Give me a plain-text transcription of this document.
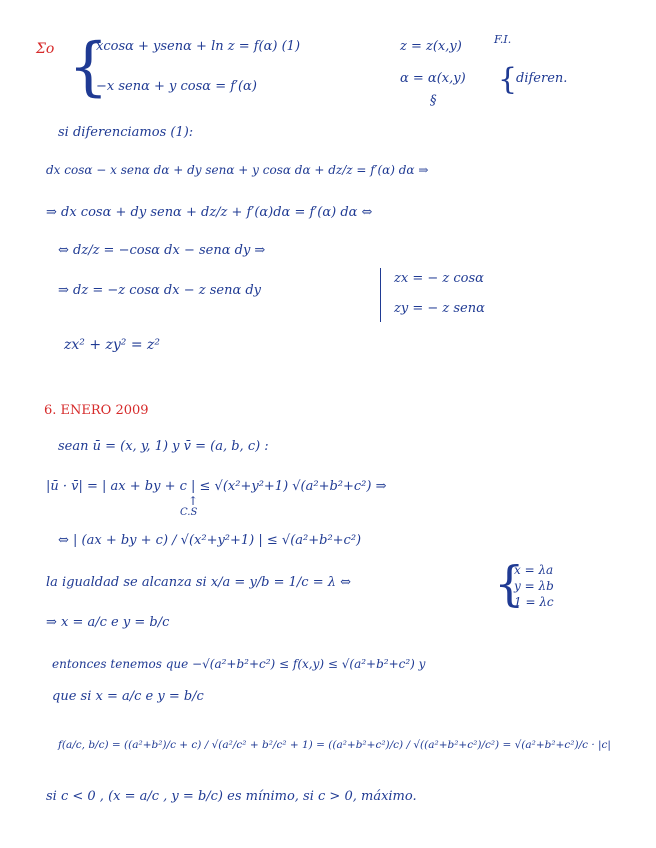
Σo {
xcosα + ysenα + ln z = f(α) (1)
−x senα + y cosα = f′(α)
z = z(x,y)	F.I.
α = α(x,y) {
diferen.
§
si diferenciamos (1):
dx cosα − x senα dα + dy senα + y cosα dα + dz/z = f′(α) dα ⇒
⇒ dx cosα + dy senα + dz/z + f′(α)dα = f′(α) dα ⇔
⇔ dz/z = −cosα dx − senα dy ⇒
⇒ dz = −z cosα dx − z senα dy
zx = − z cosα
zy = − z senα
zx² + zy² = z²
6. ENERO 2009
sean ū = (x, y, 1) y v̄ = (a, b, c) :
|ū · v̄| = | ax + by + c | ≤ √(x²+y²+1) √(a²+b²+c²) ⇒
↑
C.S
⇔ | (ax + by + c) / √(x²+y²+1) | ≤ √(a²+b²+c²)
la igualdad se alcanza si x/a = y/b = 1/c = λ ⇔	{
x = λa
y = λb
1 = λc
⇒ x = a/c e y = b/c
entonces tenemos que −√(a²+b²+c²) ≤ f(x,y) ≤ √(a²+b²+c²) y
que si x = a/c e y = b/c
f(a/c, b/c) = ((a²+b²)/c + c) / √(a²/c² + b²/c² + 1) = ((a²+b²+c²)/c) / √((a²+b²+c²)/c²) = √(a²+b²+c²)/c · |c|
si c < 0 , (x = a/c , y = b/c) es mínimo, si c > 0, máximo.
